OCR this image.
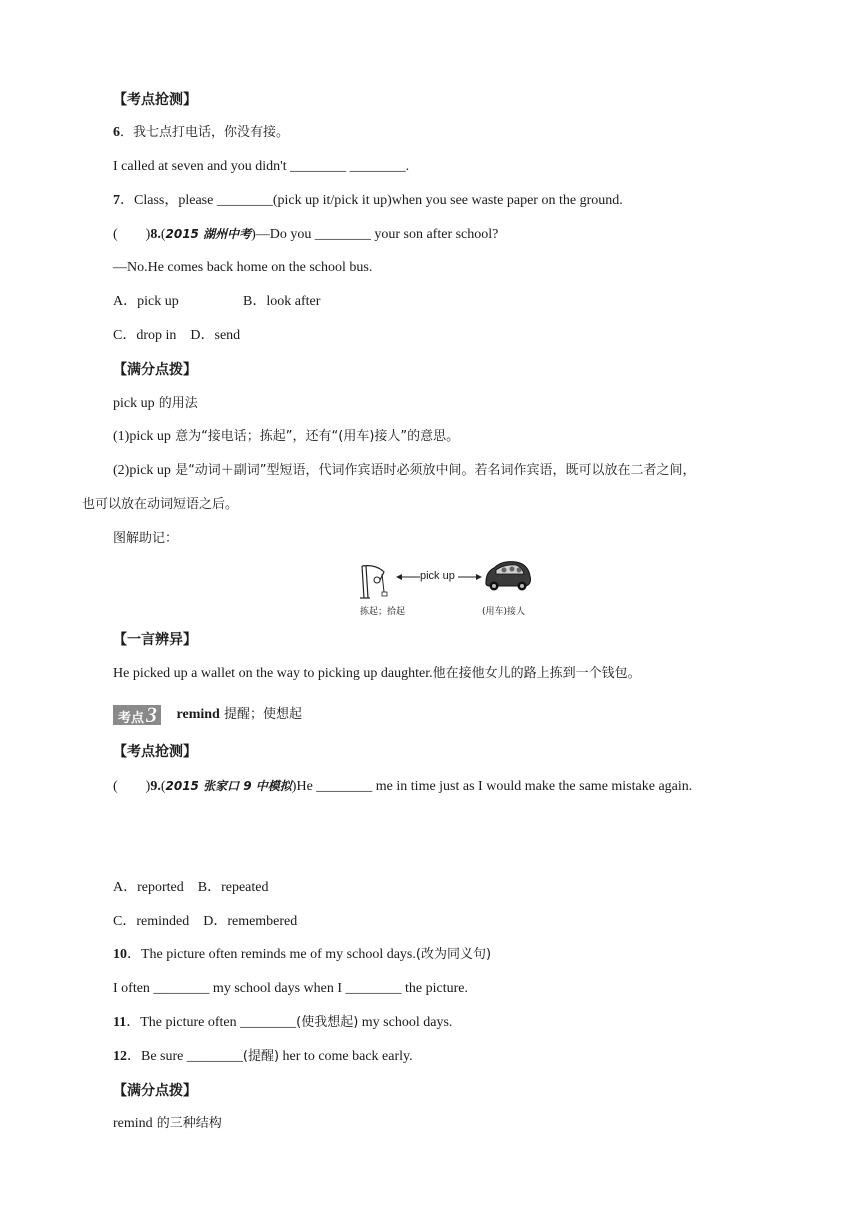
【考点抢测】
6．我七点打电话，你没有接。
I called at seven and you didn't ________ ________.
7．Class，please ________(pick up it/pick it up)when you see waste paper on the ground.
(　　)8.(2015 湖州中考)—Do you ________ your son after school?
—No.He comes back home on the school bus.
A．pick up	B．look after
C．drop in　D．send
【满分点拨】
pick up 的用法
(1)pick up 意为“接电话；拣起”，还有“(用车)接人”的意思。
(2)pick up 是“动词＋副词”型短语，代词作宾语时必须放中间。若名词作宾语，既可以放在二者之间，
也可以放在动词短语之后。
图解助记：
pick up
拣起；拾起	(用车)接人
【一言辨异】
He picked up a wallet on the way to picking up daughter.他在接他女儿的路上拣到一个钱包。
考点3 remind 提醒；使想起
【考点抢测】
(　　)9.(2015 张家口 9 中模拟)He ________ me in time just as I would make the same mistake again.
A．reported　B．repeated
C．reminded　D．remembered
10．The picture often reminds me of my school days.(改为同义句)
I often ________ my school days when I ________ the picture.
11．The picture often ________(使我想起) my school days.
12．Be sure ________(提醒) her to come back early.
【满分点拨】
remind 的三种结构
